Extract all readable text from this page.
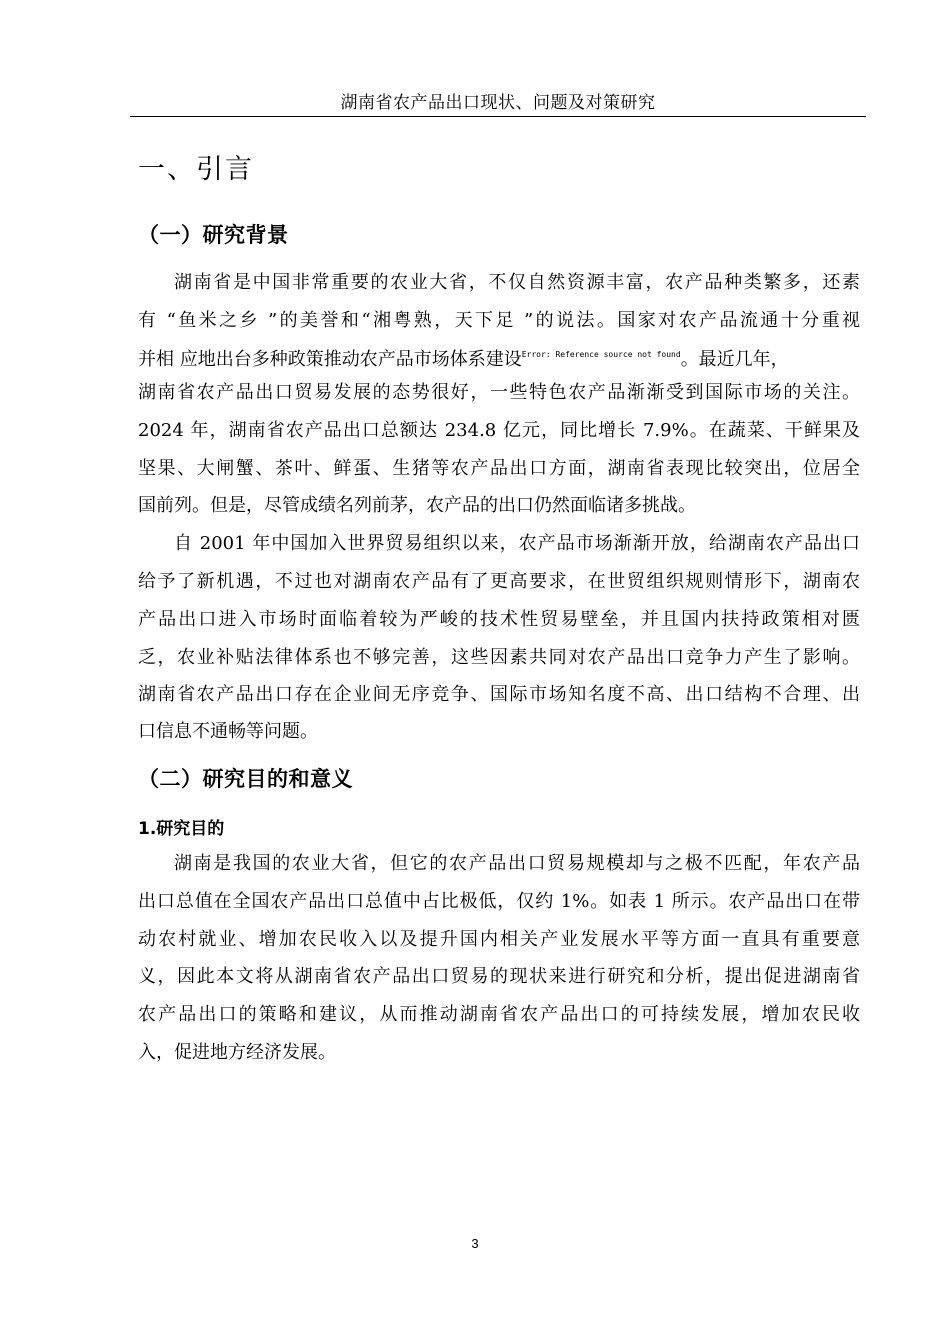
湖南省农产品出口现状、问题及对策研究
一、引言
（一）研究背景
湖南省是中国非常重要的农业大省，不仅自然资源丰富，农产品种类繁多，还素
有 “鱼米之乡 ”的美誉和“湘粤熟，天下足 ”的说法。国家对农产品流通十分重视
并相 应地出台多种政策推动农产品市场体系建设$^{Error: Reference source not found}$。最近几年，
湖南省农产品出口贸易发展的态势很好，一些特色农产品渐渐受到国际市场的关注。
2024 年，湖南省农产品出口总额达 234.8 亿元，同比增长 7.9%。在蔬菜、干鲜果及
坚果、大闸蟹、茶叶、鲜蛋、生猪等农产品出口方面，湖南省表现比较突出，位居全
国前列。但是，尽管成绩名列前茅，农产品的出口仍然面临诸多挑战。
自 2001 年中国加入世界贸易组织以来，农产品市场渐渐开放，给湖南农产品出口
给予了新机遇，不过也对湖南农产品有了更高要求，在世贸组织规则情形下，湖南农
产品出口进入市场时面临着较为严峻的技术性贸易壁垒，并且国内扶持政策相对匮
乏，农业补贴法律体系也不够完善，这些因素共同对农产品出口竞争力产生了影响。
湖南省农产品出口存在企业间无序竞争、国际市场知名度不高、出口结构不合理、出
口信息不通畅等问题。
（二）研究目的和意义
1.研究目的
湖南是我国的农业大省，但它的农产品出口贸易规模却与之极不匹配，年农产品
出口总值在全国农产品出口总值中占比极低，仅约 1%。如表 1 所示。农产品出口在带
动农村就业、增加农民收入以及提升国内相关产业发展水平等方面一直具有重要意
义，因此本文将从湖南省农产品出口贸易的现状来进行研究和分析，提出促进湖南省
农产品出口的策略和建议，从而推动湖南省农产品出口的可持续发展，增加农民收
入，促进地方经济发展。
3
